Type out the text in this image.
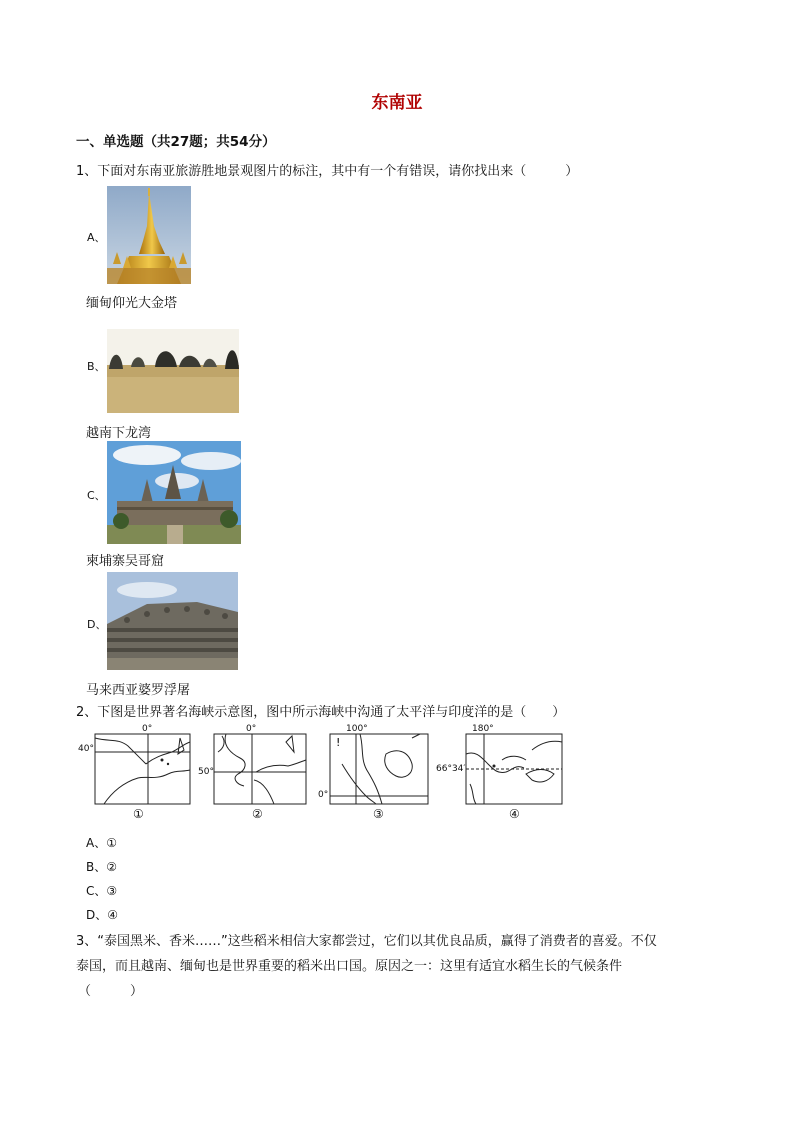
东南亚
一、单选题（共27题；共54分）
1、下面对东南亚旅游胜地景观图片的标注，其中有一个有错误，请你找出来（　　　）
A、
缅甸仰光大金塔
B、
越南下龙湾
C、
柬埔寨吴哥窟
D、
马来西亚婆罗浮屠
2、下图是世界著名海峡示意图，图中所示海峡中沟通了太平洋与印度洋的是（　　）
40°
0°
①
50°
0°
②
!
0°
100°
③
66°34′
180°
④
A、①
B、②
C、③
D、④
3、“泰国黑米、香米……”这些稻米相信大家都尝过，它们以其优良品质，赢得了消费者的喜爱。不仅
泰国，而且越南、缅甸也是世界重要的稻米出口国。原因之一：这里有适宜水稻生长的气候条件
（　　　）
